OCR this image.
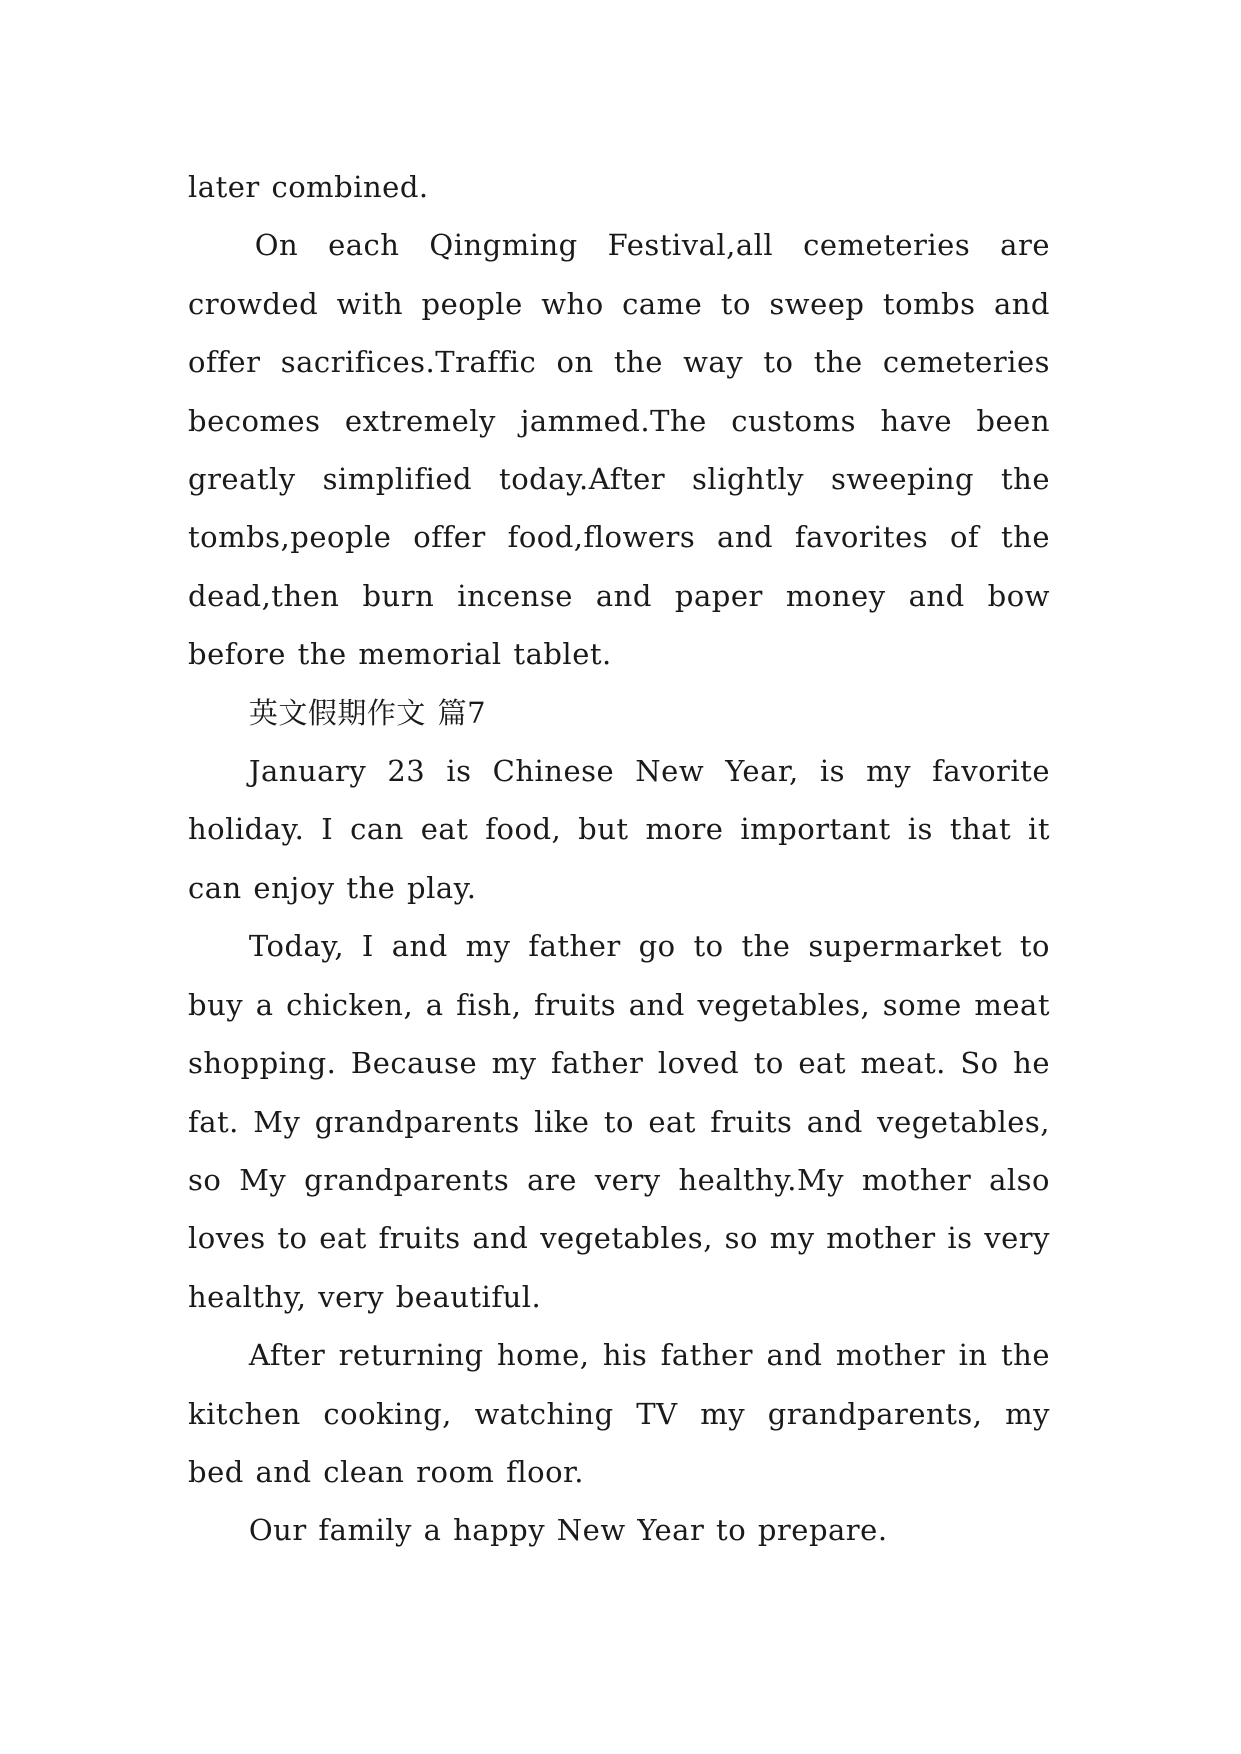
later combined.

On each Qingming Festival,all cemeteries are crowded with people who came to sweep tombs and offer sacrifices.Traffic on the way to the cemeteries becomes extremely jammed.The customs have been greatly simplified today.After slightly sweeping the tombs,people offer food,flowers and favorites of the dead,then burn incense and paper money and bow before the memorial tablet.

英文假期作文 篇7

January 23 is Chinese New Year, is my favorite holiday. I can eat food, but more important is that it can enjoy the play.

Today, I and my father go to the supermarket to buy a chicken, a fish, fruits and vegetables, some meat shopping. Because my father loved to eat meat. So he fat. My grandparents like to eat fruits and vegetables, so My grandparents are very healthy.My mother also loves to eat fruits and vegetables, so my mother is very healthy, very beautiful.

After returning home, his father and mother in the kitchen cooking, watching TV my grandparents, my bed and clean room floor.

Our family a happy New Year to prepare.
